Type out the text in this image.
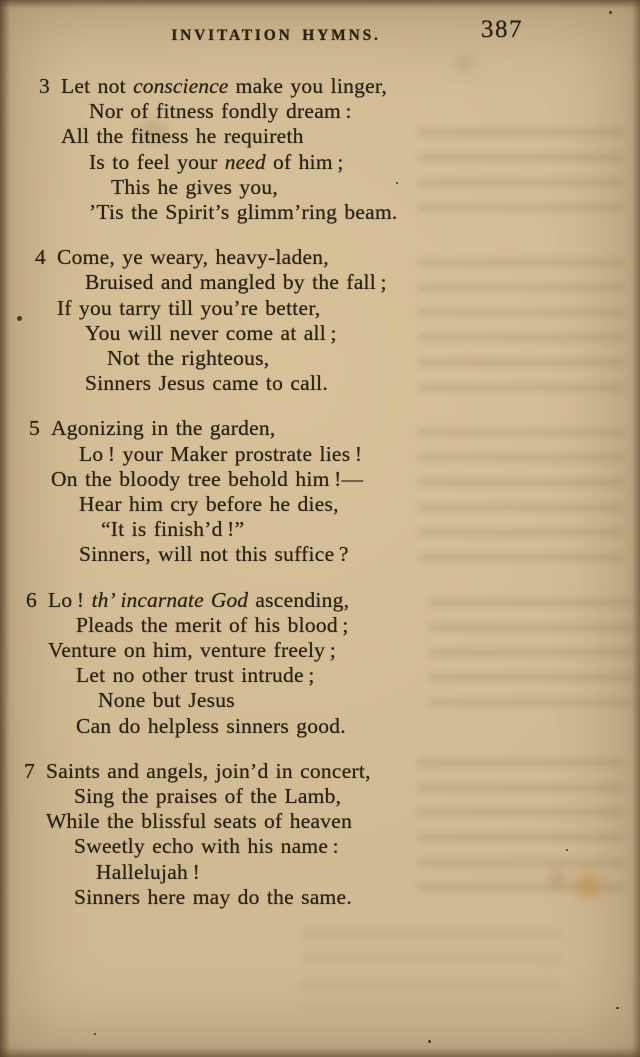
INVITATION HYMNS.	387
3 Let not conscience make you linger,
Nor of fitness fondly dream :
All the fitness he requireth
Is to feel your need of him ;
This he gives you,
’Tis the Spirit’s glimm’ring beam.
4 Come, ye weary, heavy-laden,
Bruised and mangled by the fall ;
If you tarry till you’re better,
You will never come at all ;
Not the righteous,
Sinners Jesus came to call.
5 Agonizing in the garden,
Lo ! your Maker prostrate lies !
On the bloody tree behold him !—
Hear him cry before he dies,
“It is finish’d !”
Sinners, will not this suffice ?
6 Lo ! th’ incarnate God ascending,
Pleads the merit of his blood ;
Venture on him, venture freely ;
Let no other trust intrude ;
None but Jesus
Can do helpless sinners good.
7 Saints and angels, join’d in concert,
Sing the praises of the Lamb,
While the blissful seats of heaven
Sweetly echo with his name :
Hallelujah !
Sinners here may do the same.
